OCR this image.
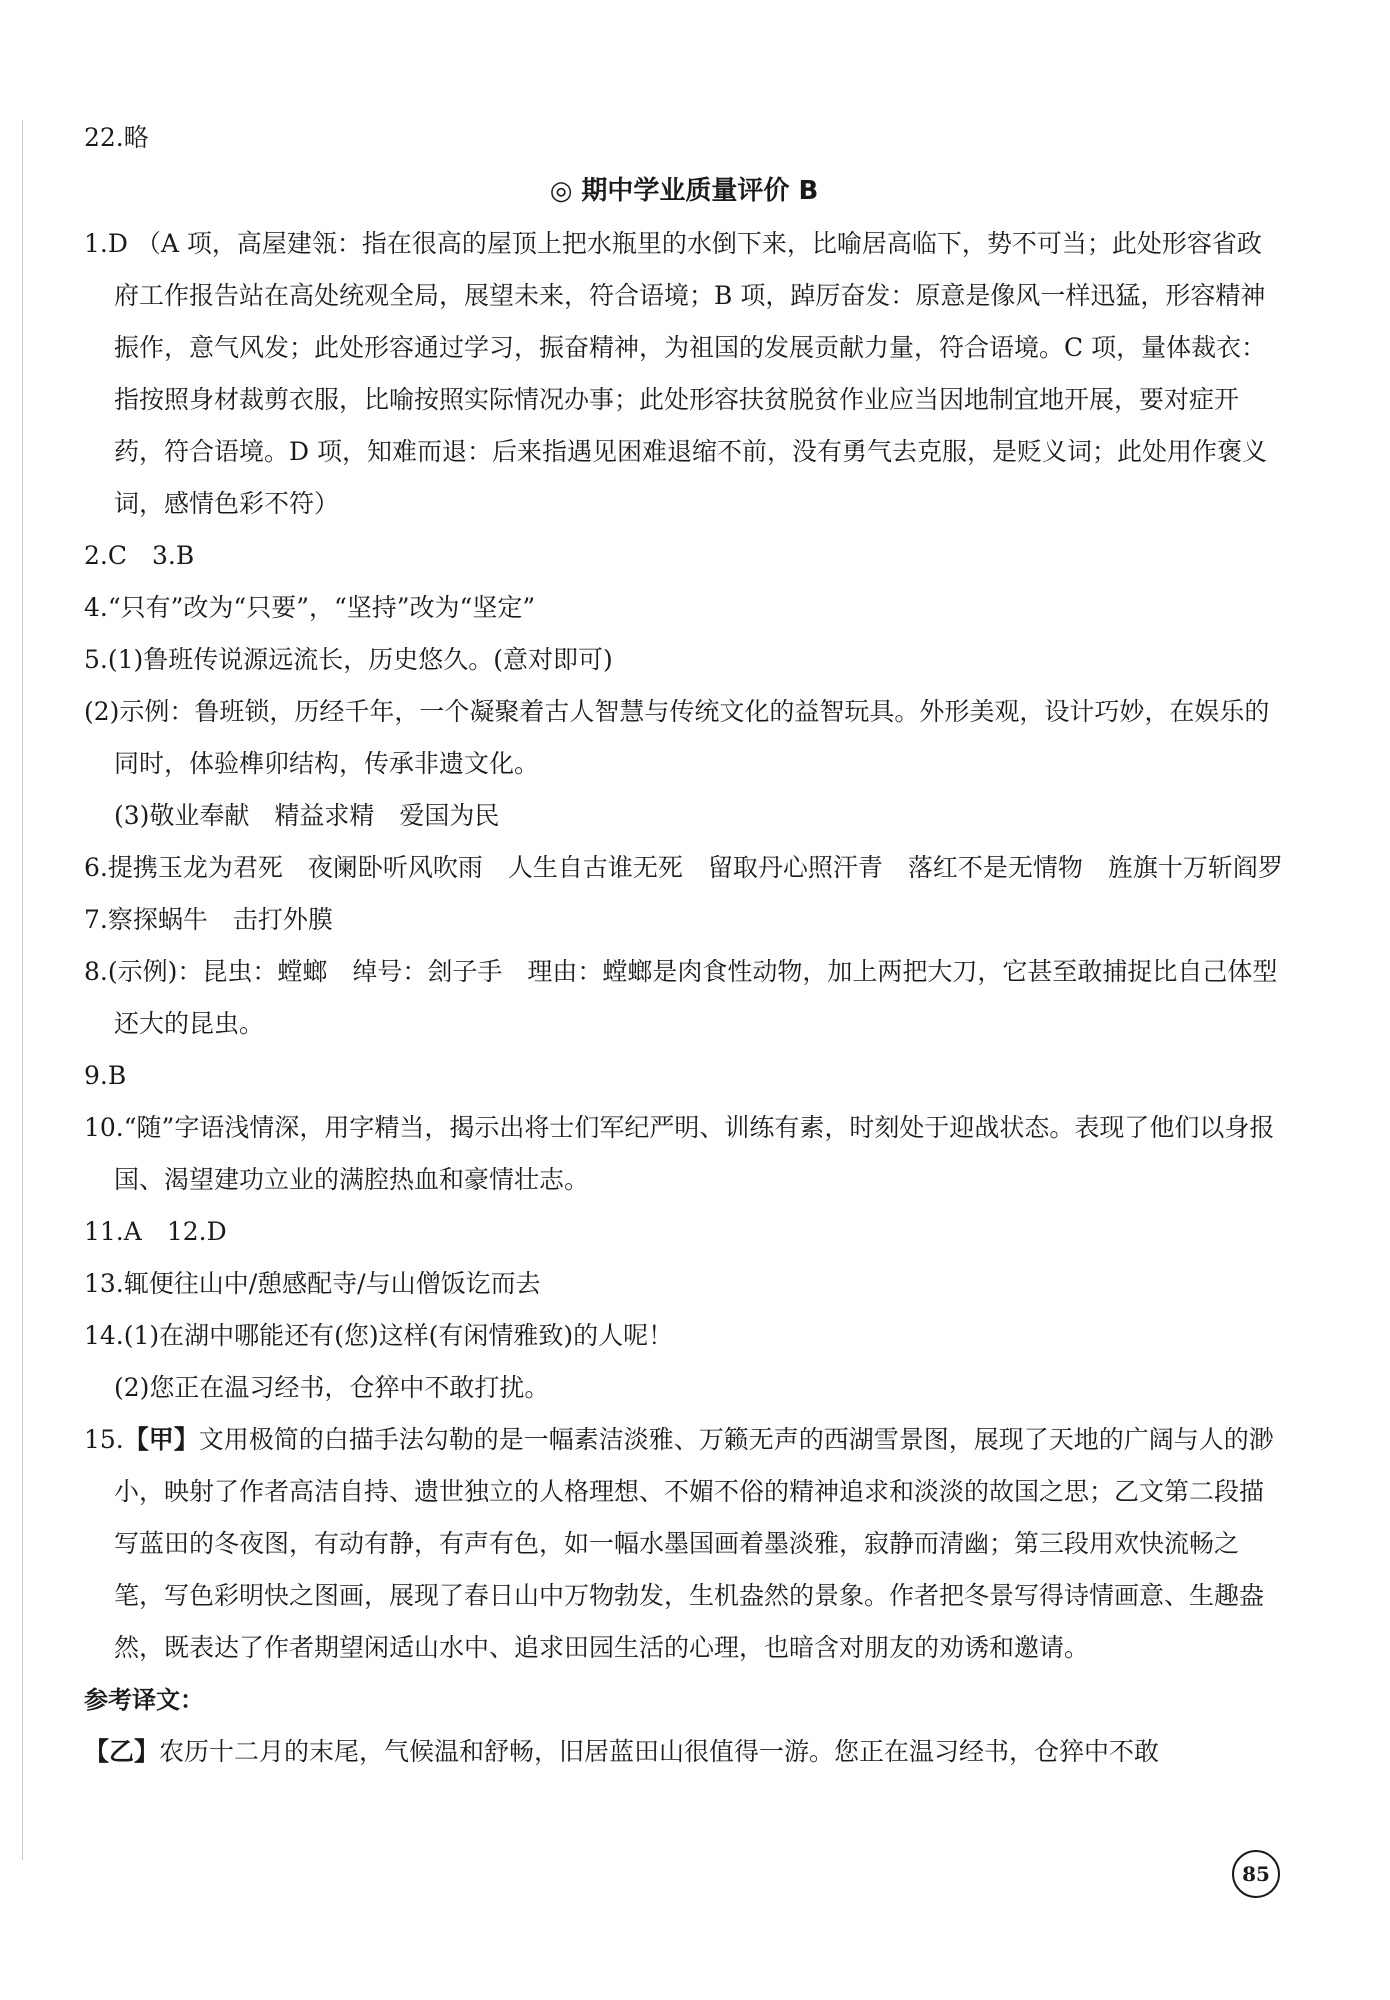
22.略

◎ 期中学业质量评价 B

1.D （A 项，高屋建瓴：指在很高的屋顶上把水瓶里的水倒下来，比喻居高临下，势不可当；此处形容省政府工作报告站在高处统观全局，展望未来，符合语境；B 项，踔厉奋发：原意是像风一样迅猛，形容精神振作，意气风发；此处形容通过学习，振奋精神，为祖国的发展贡献力量，符合语境。C 项，量体裁衣：指按照身材裁剪衣服，比喻按照实际情况办事；此处形容扶贫脱贫作业应当因地制宜地开展，要对症开药，符合语境。D 项，知难而退：后来指遇见困难退缩不前，没有勇气去克服，是贬义词；此处用作褒义词，感情色彩不符）

2.C　3.B

4.“只有”改为“只要”，“坚持”改为“坚定”

5.(1)鲁班传说源远流长，历史悠久。(意对即可)

(2)示例：鲁班锁，历经千年，一个凝聚着古人智慧与传统文化的益智玩具。外形美观，设计巧妙，在娱乐的同时，体验榫卯结构，传承非遗文化。

(3)敬业奉献　精益求精　爱国为民

6.提携玉龙为君死　夜阑卧听风吹雨　人生自古谁无死　留取丹心照汗青　落红不是无情物　旌旗十万斩阎罗

7.察探蜗牛　击打外膜

8.(示例)：昆虫：螳螂　绰号：刽子手　理由：螳螂是肉食性动物，加上两把大刀，它甚至敢捕捉比自己体型还大的昆虫。

9.B

10.“随”字语浅情深，用字精当，揭示出将士们军纪严明、训练有素，时刻处于迎战状态。表现了他们以身报国、渴望建功立业的满腔热血和豪情壮志。

11.A　12.D

13.辄便往山中/憩感配寺/与山僧饭讫而去

14.(1)在湖中哪能还有(您)这样(有闲情雅致)的人呢！

(2)您正在温习经书，仓猝中不敢打扰。

15.【甲】文用极简的白描手法勾勒的是一幅素洁淡雅、万籁无声的西湖雪景图，展现了天地的广阔与人的渺小，映射了作者高洁自持、遗世独立的人格理想、不媚不俗的精神追求和淡淡的故国之思；乙文第二段描写蓝田的冬夜图，有动有静，有声有色，如一幅水墨国画着墨淡雅，寂静而清幽；第三段用欢快流畅之笔，写色彩明快之图画，展现了春日山中万物勃发，生机盎然的景象。作者把冬景写得诗情画意、生趣盎然，既表达了作者期望闲适山水中、追求田园生活的心理，也暗含对朋友的劝诱和邀请。

参考译文：

【乙】农历十二月的末尾，气候温和舒畅，旧居蓝田山很值得一游。您正在温习经书，仓猝中不敢

85
